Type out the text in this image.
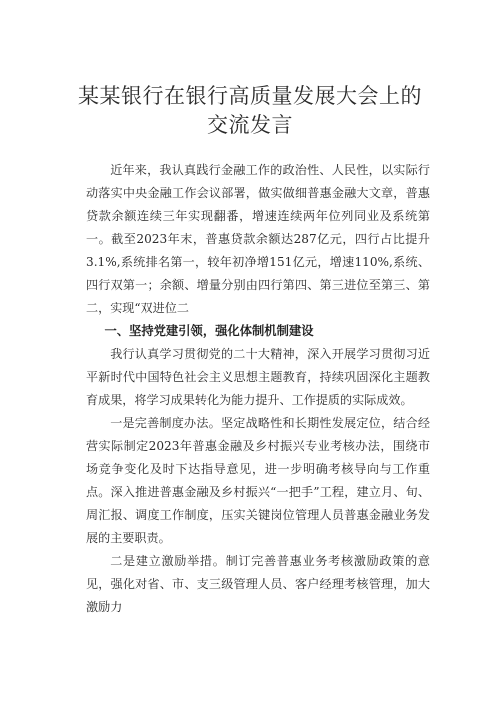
某某银行在银行高质量发展大会上的
交流发言

近年来，我认真践行金融工作的政治性、人民性，以实际行动落实中央金融工作会议部署，做实做细普惠金融大文章，普惠贷款余额连续三年实现翻番，增速连续两年位列同业及系统第一。截至2023年末，普惠贷款余额达287亿元，四行占比提升3.1%,系统排名第一，较年初净增151亿元，增速110%,系统、四行双第一；余额、增量分别由四行第四、第三进位至第三、第二，实现“双进位二

一、坚持党建引领，强化体制机制建设

我行认真学习贯彻党的二十大精神，深入开展学习贯彻习近平新时代中国特色社会主义思想主题教育，持续巩固深化主题教育成果，将学习成果转化为能力提升、工作提质的实际成效。

一是完善制度办法。坚定战略性和长期性发展定位，结合经营实际制定2023年普惠金融及乡村振兴专业考核办法，围绕市场竞争变化及时下达指导意见，进一步明确考核导向与工作重点。深入推进普惠金融及乡村振兴“一把手”工程，建立月、旬、周汇报、调度工作制度，压实关键岗位管理人员普惠金融业务发展的主要职责。

二是建立激励举措。制订完善普惠业务考核激励政策的意见，强化对省、市、支三级管理人员、客户经理考核管理，加大激励力
